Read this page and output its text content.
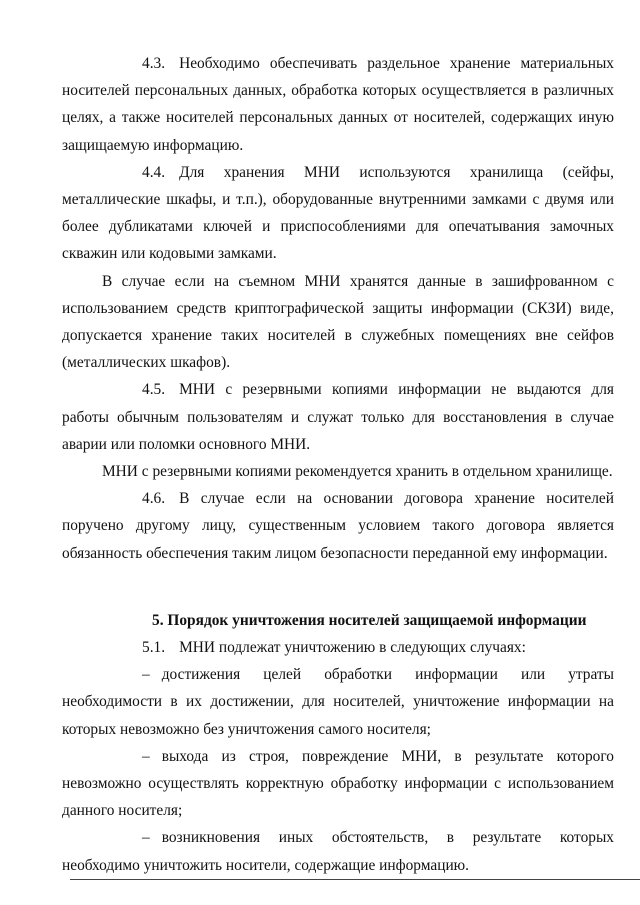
4.3. Необходимо обеспечивать раздельное хранение материальных носителей персональных данных, обработка которых осуществляется в различных целях, а также носителей персональных данных от носителей, содержащих иную защищаемую информацию.

4.4. Для хранения МНИ используются хранилища (сейфы, металлические шкафы, и т.п.), оборудованные внутренними замками с двумя или более дубликатами ключей и приспособлениями для опечатывания замочных скважин или кодовыми замками.

В случае если на съемном МНИ хранятся данные в зашифрованном с использованием средств криптографической защиты информации (СКЗИ) виде, допускается хранение таких носителей в служебных помещениях вне сейфов (металлических шкафов).

4.5. МНИ с резервными копиями информации не выдаются для работы обычным пользователям и служат только для восстановления в случае аварии или поломки основного МНИ.

МНИ с резервными копиями рекомендуется хранить в отдельном хранилище.

4.6. В случае если на основании договора хранение носителей поручено другому лицу, существенным условием такого договора является обязанность обеспечения таким лицом безопасности переданной ему информации.

5. Порядок уничтожения носителей защищаемой информации

5.1. МНИ подлежат уничтожению в следующих случаях:

– достижения целей обработки информации или утраты необходимости в их достижении, для носителей, уничтожение информации на которых невозможно без уничтожения самого носителя;

– выхода из строя, повреждение МНИ, в результате которого невозможно осуществлять корректную обработку информации с использованием данного носителя;

– возникновения иных обстоятельств, в результате которых необходимо уничтожить носители, содержащие информацию.
